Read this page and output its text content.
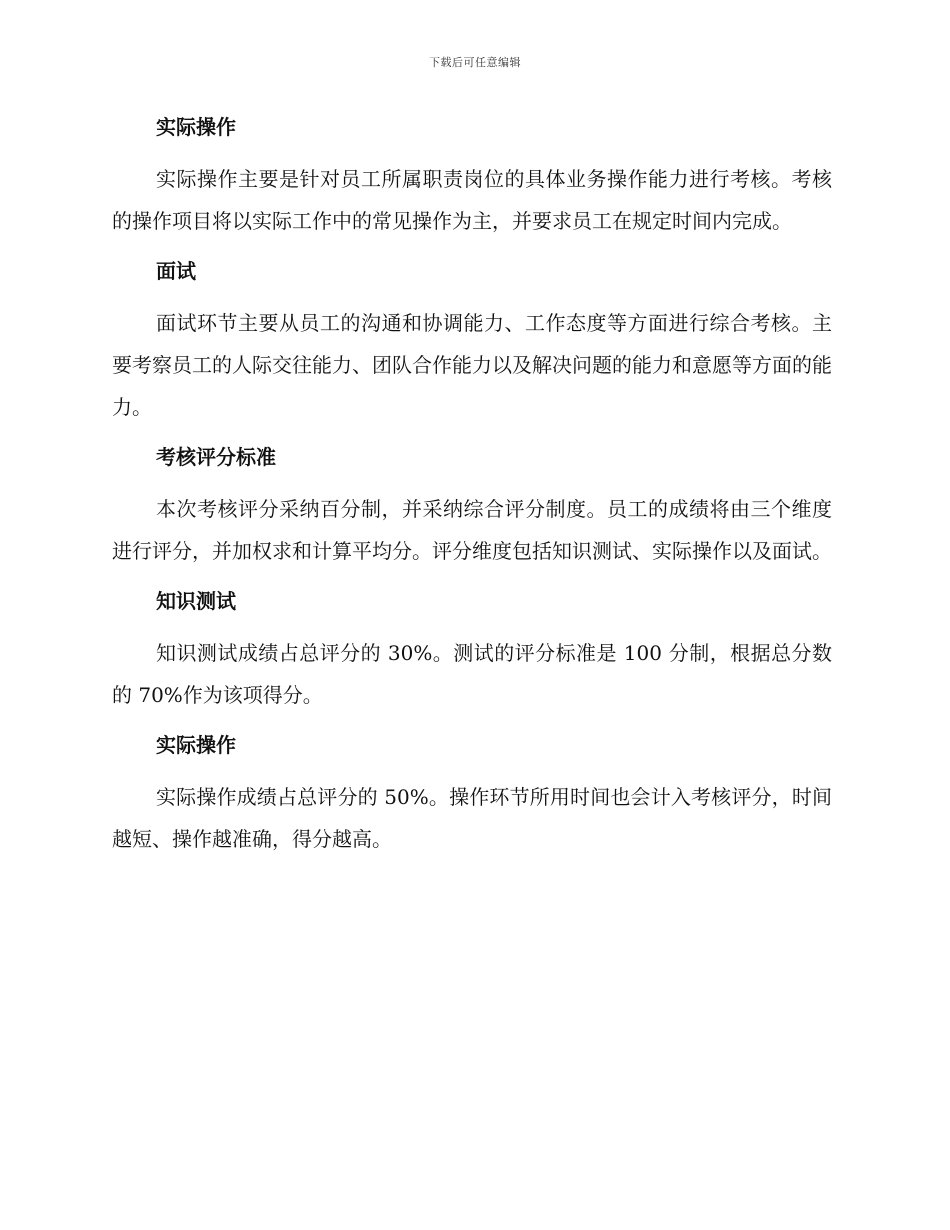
下载后可任意编辑
实际操作
实际操作主要是针对员工所属职责岗位的具体业务操作能力进行考核。考核的操作项目将以实际工作中的常见操作为主，并要求员工在规定时间内完成。
面试
面试环节主要从员工的沟通和协调能力、工作态度等方面进行综合考核。主要考察员工的人际交往能力、团队合作能力以及解决问题的能力和意愿等方面的能力。
考核评分标准
本次考核评分采纳百分制，并采纳综合评分制度。员工的成绩将由三个维度进行评分，并加权求和计算平均分。评分维度包括知识测试、实际操作以及面试。
知识测试
知识测试成绩占总评分的 30%。测试的评分标准是 100 分制，根据总分数的 70%作为该项得分。
实际操作
实际操作成绩占总评分的 50%。操作环节所用时间也会计入考核评分，时间越短、操作越准确，得分越高。
